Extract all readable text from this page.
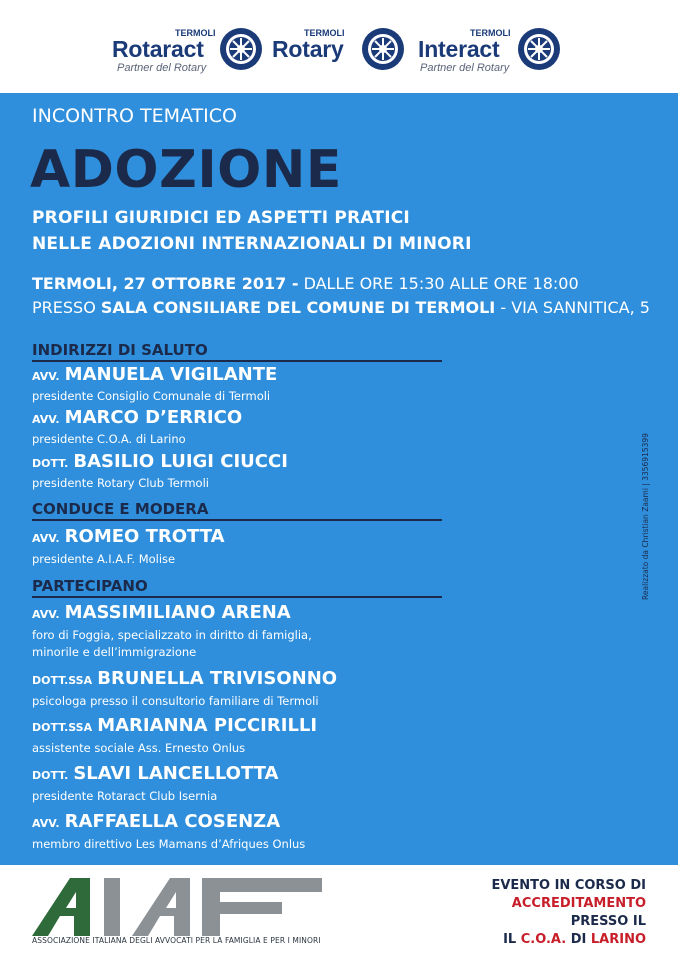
TERMOLI
Rotaract
Partner del Rotary
TERMOLI
Rotary
TERMOLI
Interact
Partner del Rotary
INCONTRO TEMATICO
ADOZIONE
PROFILI GIURIDICI ED ASPETTI PRATICI
NELLE ADOZIONI INTERNAZIONALI DI MINORI
TERMOLI, 27 OTTOBRE 2017 - DALLE ORE 15:30 ALLE ORE 18:00
PRESSO SALA CONSILIARE DEL COMUNE DI TERMOLI - VIA SANNITICA, 5
INDIRIZZI DI SALUTO
AVV. MANUELA VIGILANTE
presidente Consiglio Comunale di Termoli
AVV. MARCO D’ERRICO
presidente C.O.A. di Larino
DOTT. BASILIO LUIGI CIUCCI
presidente Rotary Club Termoli
CONDUCE E MODERA
AVV. ROMEO TROTTA
presidente A.I.A.F. Molise
PARTECIPANO
AVV. MASSIMILIANO ARENA
foro di Foggia, specializzato in diritto di famiglia,
minorile e dell’immigrazione
DOTT.SSA BRUNELLA TRIVISONNO
psicologa presso il consultorio familiare di Termoli
DOTT.SSA MARIANNA PICCIRILLI
assistente sociale Ass. Ernesto Onlus
DOTT. SLAVI LANCELLOTTA
presidente Rotaract Club Isernia
AVV. RAFFAELLA COSENZA
membro direttivo Les Mamans d’Afriques Onlus
Realizzato da Christian Zaami | 3356915399
ASSOCIAZIONE ITALIANA DEGLI AVVOCATI PER LA FAMIGLIA E PER I MINORI
EVENTO IN CORSO DI
ACCREDITAMENTO
PRESSO IL
IL C.O.A. DI LARINO
